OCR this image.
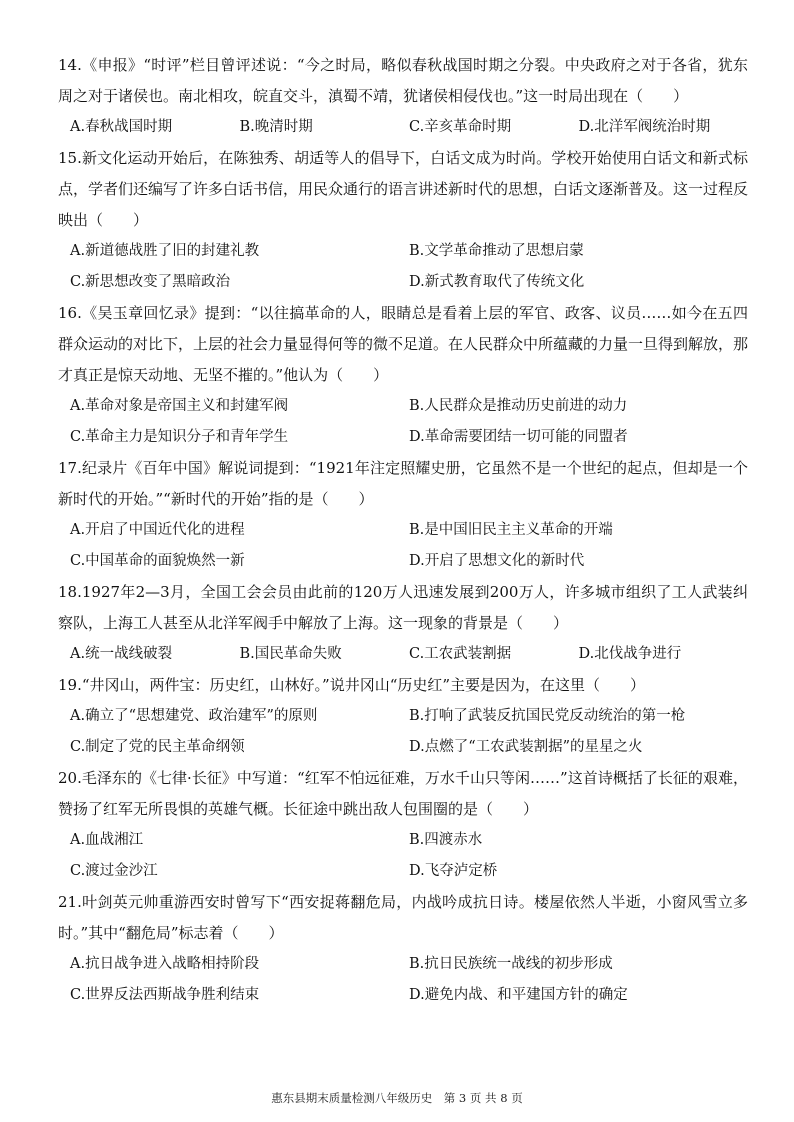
14.《申报》“时评”栏目曾评述说：“今之时局，略似春秋战国时期之分裂。中央政府之对于各省，犹东周之对于诸侯也。南北相攻，皖直交斗，滇蜀不靖，犹诸侯相侵伐也。”这一时局出现在（　　）

A.春秋战国时期	B.晚清时期	C.辛亥革命时期	D.北洋军阀统治时期

15.新文化运动开始后，在陈独秀、胡适等人的倡导下，白话文成为时尚。学校开始使用白话文和新式标点，学者们还编写了许多白话书信，用民众通行的语言讲述新时代的思想，白话文逐渐普及。这一过程反映出（　　）

A.新道德战胜了旧的封建礼教	B.文学革命推动了思想启蒙
C.新思想改变了黑暗政治	D.新式教育取代了传统文化

16.《吴玉章回忆录》提到：“以往搞革命的人，眼睛总是看着上层的军官、政客、议员……如今在五四群众运动的对比下，上层的社会力量显得何等的微不足道。在人民群众中所蕴藏的力量一旦得到解放，那才真正是惊天动地、无坚不摧的。”他认为（　　）

A.革命对象是帝国主义和封建军阀	B.人民群众是推动历史前进的动力
C.革命主力是知识分子和青年学生	D.革命需要团结一切可能的同盟者

17.纪录片《百年中国》解说词提到：“1921年注定照耀史册，它虽然不是一个世纪的起点，但却是一个新时代的开始。”“新时代的开始”指的是（　　）

A.开启了中国近代化的进程	B.是中国旧民主主义革命的开端
C.中国革命的面貌焕然一新	D.开启了思想文化的新时代

18.1927年2—3月，全国工会会员由此前的120万人迅速发展到200万人，许多城市组织了工人武装纠察队，上海工人甚至从北洋军阀手中解放了上海。这一现象的背景是（　　）

A.统一战线破裂	B.国民革命失败	C.工农武装割据	D.北伐战争进行

19.“井冈山，两件宝：历史红，山林好。”说井冈山“历史红”主要是因为，在这里（　　）

A.确立了“思想建党、政治建军”的原则	B.打响了武装反抗国民党反动统治的第一枪
C.制定了党的民主革命纲领	D.点燃了“工农武装割据”的星星之火

20.毛泽东的《七律·长征》中写道：“红军不怕远征难，万水千山只等闲……”这首诗概括了长征的艰难，赞扬了红军无所畏惧的英雄气概。长征途中跳出敌人包围圈的是（　　）

A.血战湘江	B.四渡赤水
C.渡过金沙江	D.飞夺泸定桥

21.叶剑英元帅重游西安时曾写下“西安捉蒋翻危局，内战吟成抗日诗。楼屋依然人半逝，小窗风雪立多时。”其中“翻危局”标志着（　　）

A.抗日战争进入战略相持阶段	B.抗日民族统一战线的初步形成
C.世界反法西斯战争胜利结束	D.避免内战、和平建国方针的确定
惠东县期末质量检测八年级历史　第 3 页 共 8 页
